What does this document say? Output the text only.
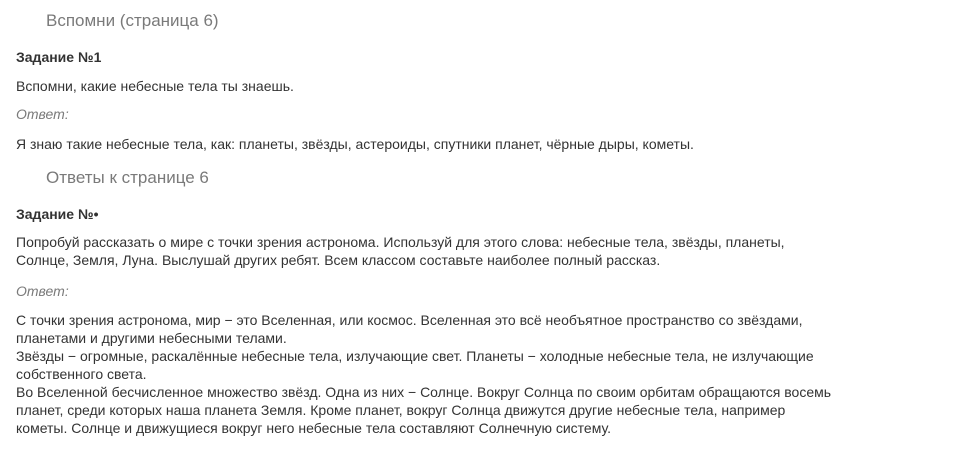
Вспомни (страница 6)
Задание №1
Вспомни, какие небесные тела ты знаешь.
Ответ:
Я знаю такие небесные тела, как: планеты, звёзды, астероиды, спутники планет, чёрные дыры, кометы.
Ответы к странице 6
Задание №•
Попробуй рассказать о мире с точки зрения астронома. Используй для этого слова: небесные тела, звёзды, планеты,
Солнце, Земля, Луна. Выслушай других ребят. Всем классом составьте наиболее полный рассказ.
Ответ:
С точки зрения астронома, мир − это Вселенная, или космос. Вселенная это всё необъятное пространство со звёздами,
планетами и другими небесными телами.
Звёзды − огромные, раскалённые небесные тела, излучающие свет. Планеты − холодные небесные тела, не излучающие
собственного света.
Во Вселенной бесчисленное множество звёзд. Одна из них − Солнце. Вокруг Солнца по своим орбитам обращаются восемь
планет, среди которых наша планета Земля. Кроме планет, вокруг Солнца движутся другие небесные тела, например
кометы. Солнце и движущиеся вокруг него небесные тела составляют Солнечную систему.
